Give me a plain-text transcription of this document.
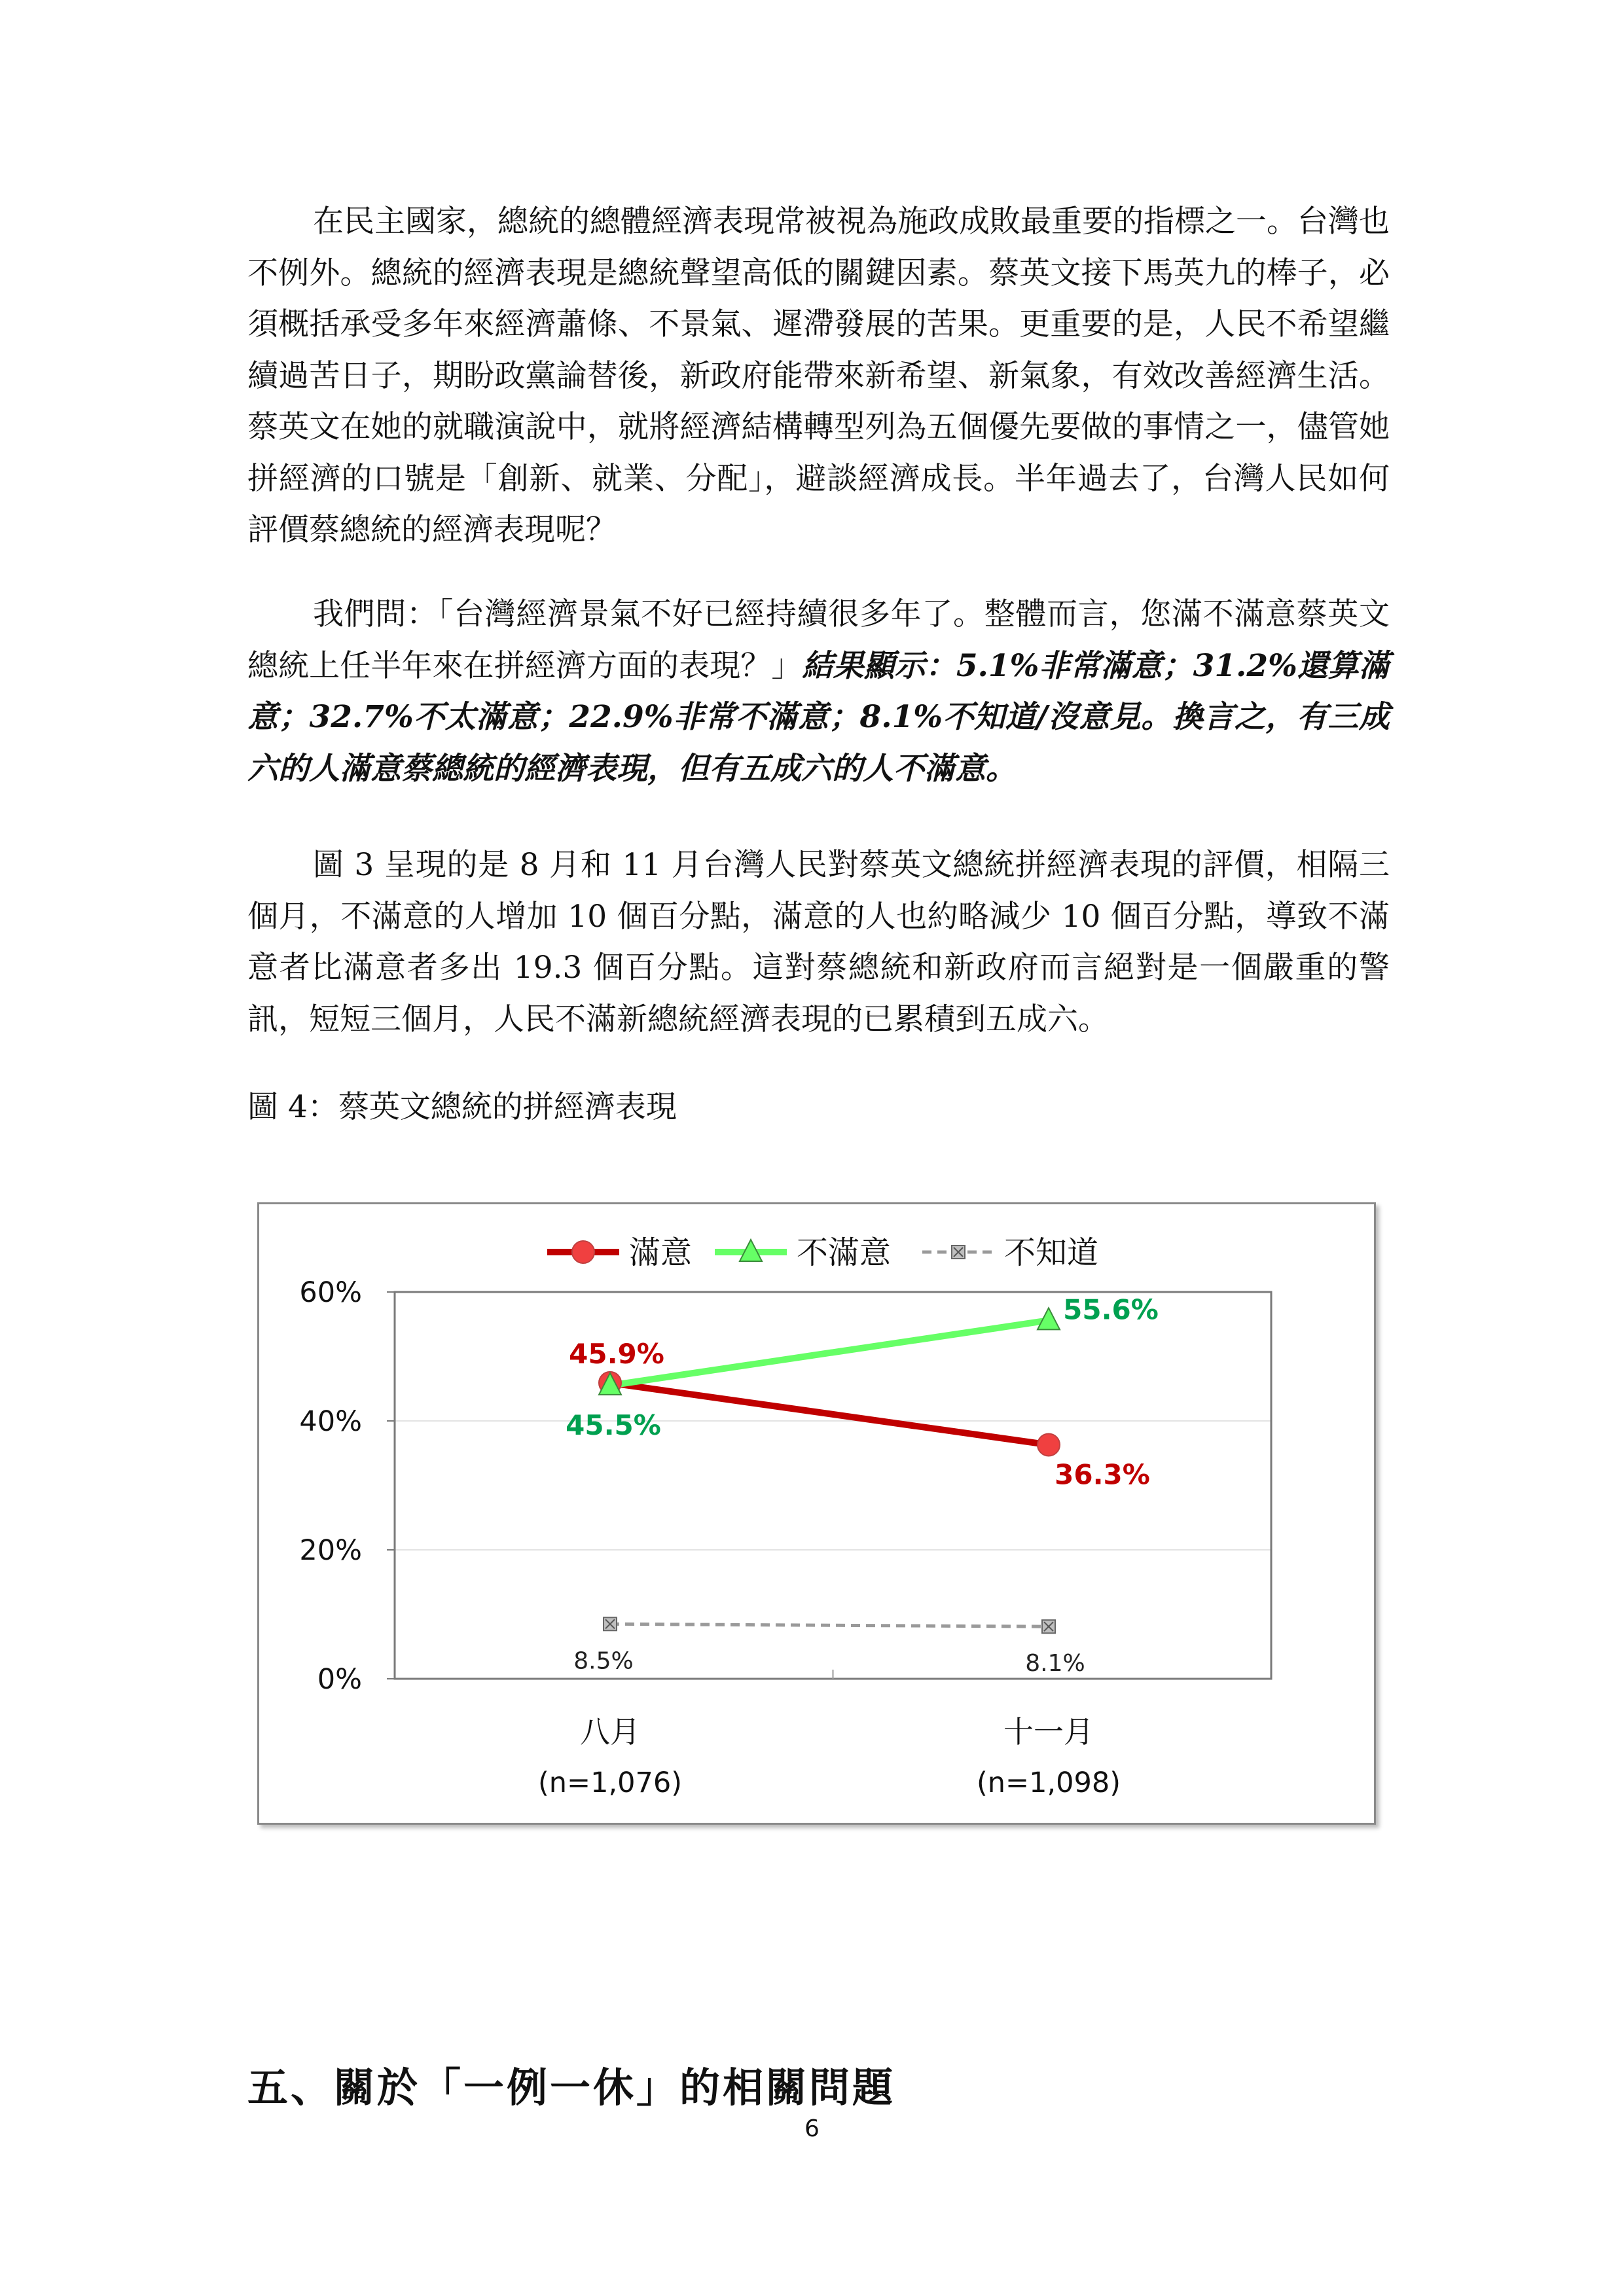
在民主國家，總統的總體經濟表現常被視為施政成敗最重要的指標之一。台灣也不例外。總統的經濟表現是總統聲望高低的關鍵因素。蔡英文接下馬英九的棒子，必須概括承受多年來經濟蕭條、不景氣、遲滯發展的苦果。更重要的是，人民不希望繼續過苦日子，期盼政黨論替後，新政府能帶來新希望、新氣象，有效改善經濟生活。蔡英文在她的就職演說中，就將經濟結構轉型列為五個優先要做的事情之一，儘管她拼經濟的口號是「創新、就業、分配」，避談經濟成長。半年過去了，台灣人民如何評價蔡總統的經濟表現呢？

我們問：「台灣經濟景氣不好已經持續很多年了。整體而言，您滿不滿意蔡英文總統上任半年來在拼經濟方面的表現？」結果顯示：5.1%非常滿意；31.2%還算滿意；32.7%不太滿意；22.9%非常不滿意；8.1%不知道/沒意見。換言之，有三成六的人滿意蔡總統的經濟表現，但有五成六的人不滿意。

圖 3 呈現的是 8 月和 11 月台灣人民對蔡英文總統拼經濟表現的評價，相隔三個月，不滿意的人增加 10 個百分點，滿意的人也約略減少 10 個百分點，導致不滿意者比滿意者多出 19.3 個百分點。這對蔡總統和新政府而言絕對是一個嚴重的警訊，短短三個月，人民不滿新總統經濟表現的已累積到五成六。

圖 4：蔡英文總統的拼經濟表現
0%
20%
40%
60%
八月
(n=1,076)
十一月
(n=1,098)
45.9%
36.3%
45.5%
55.6%
8.5%	8.1%
滿意	不滿意	不知道
五、關於「一例一休」的相關問題
6
